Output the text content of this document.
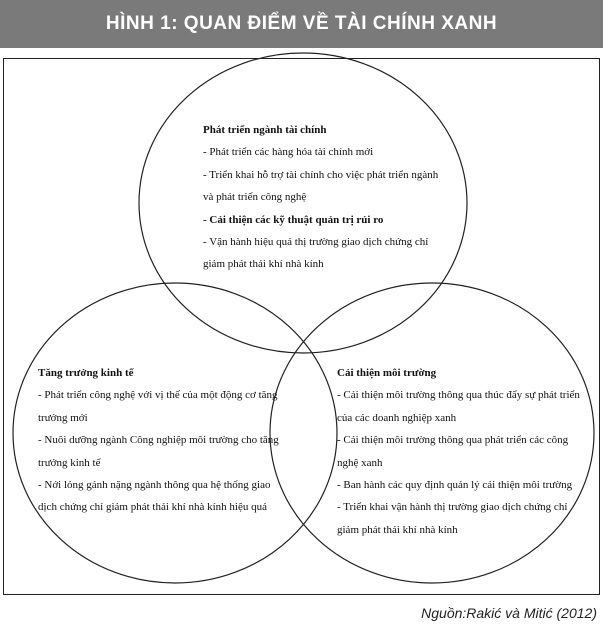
HÌNH 1: QUAN ĐIỂM VỀ TÀI CHÍNH XANH
Phát triển ngành tài chính
- Phát triển các hàng hóa tài chính mới
- Triển khai hỗ trợ tài chính cho việc phát triển ngành
và phát triển công nghệ
- Cải thiện các kỹ thuật quản trị rủi ro
- Vận hành hiệu quả thị trường giao dịch chứng chỉ
giảm phát thải khí nhà kính
Tăng trưởng kinh tế
- Phát triển công nghệ với vị thế của một động cơ tăng
trưởng mới
- Nuôi dưỡng ngành Công nghiệp môi trường cho tăng
trưởng kinh tế
- Nới lỏng gánh nặng ngành thông qua hệ thống giao
dịch chứng chỉ giảm phát thải khí nhà kính hiệu quả
Cải thiện môi trường
- Cải thiện môi trường thông qua thúc đẩy sự phát triển
của các doanh nghiệp xanh
- Cải thiện môi trường thông qua phát triển các công
nghệ xanh
- Ban hành các quy định quản lý cải thiện môi trường
- Triển khai vận hành thị trường giao dịch chứng chỉ
giảm phát thải khí nhà kính
Nguồn:Rakić và Mitić (2012)
